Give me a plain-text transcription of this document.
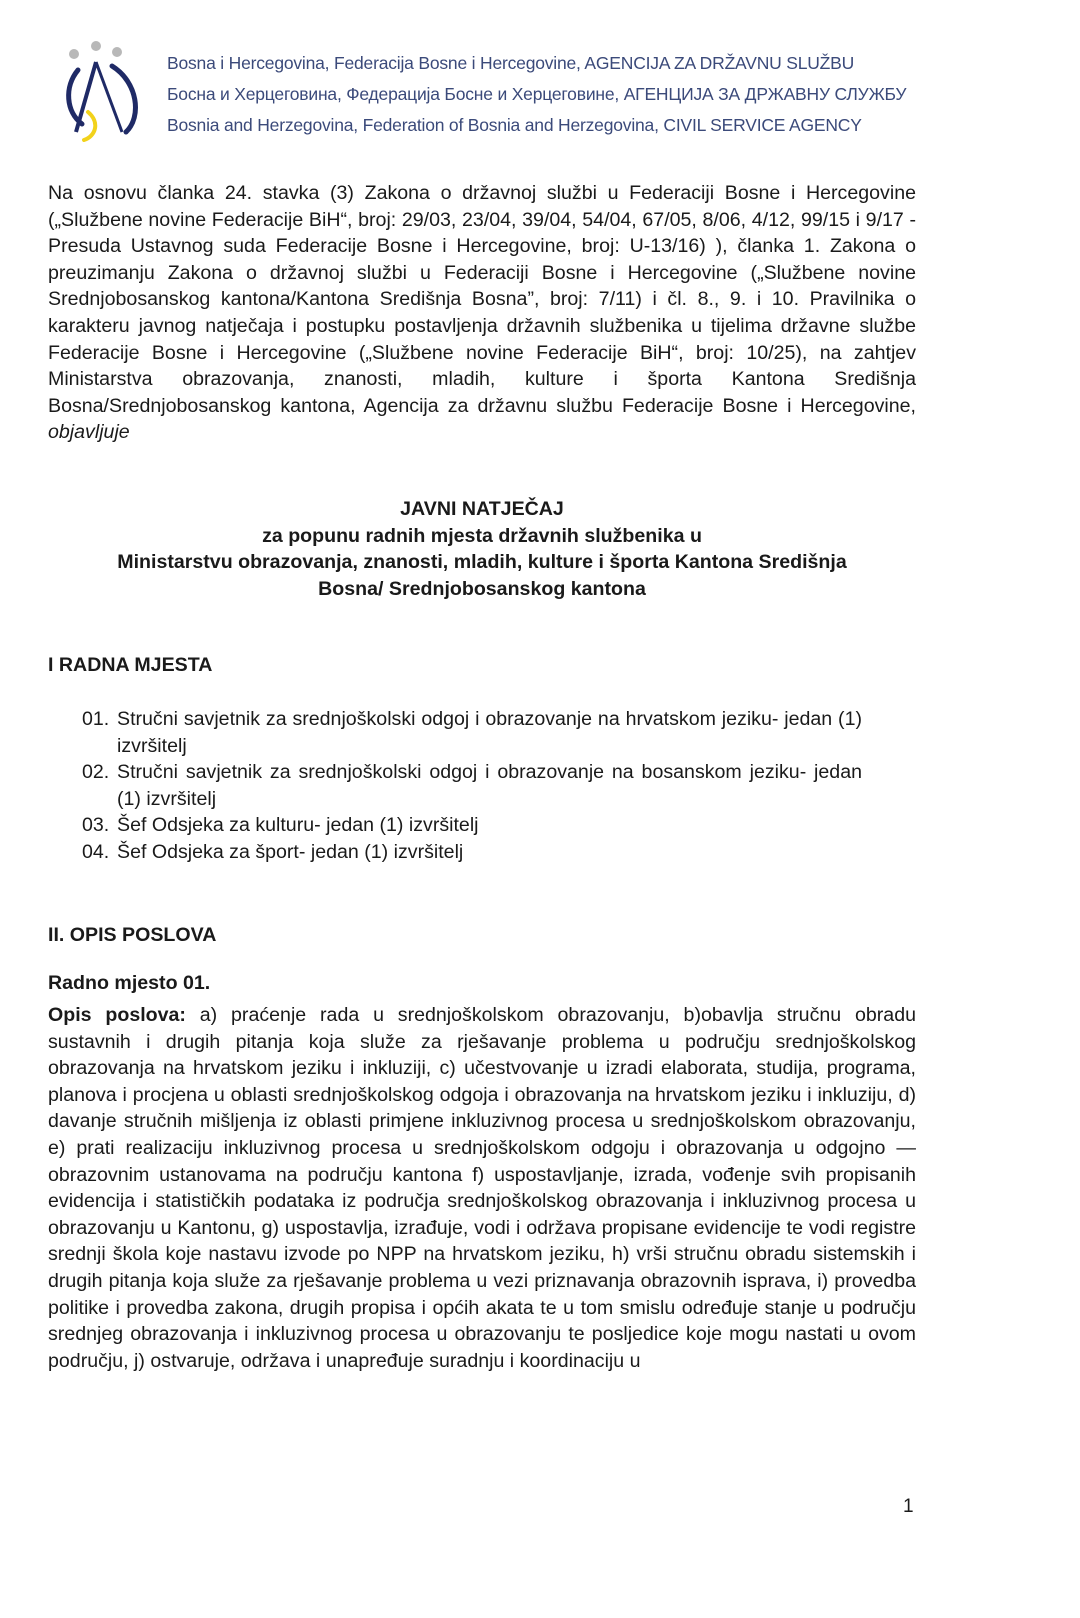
Bosna i Hercegovina, Federacija Bosne i Hercegovine, AGENCIJA ZA DRŽAVNU SLUŽBU
Босна и Херцеговина, Федерација Босне и Херцеговине, АГЕНЦИЈА ЗА ДРЖАВНУ СЛУЖБУ
Bosnia and Herzegovina, Federation of Bosnia and Herzegovina, CIVIL SERVICE AGENCY

Na osnovu članka 24. stavka (3) Zakona o državnoj službi u Federaciji Bosne i Hercegovine („Službene novine Federacije BiH“, broj: 29/03, 23/04, 39/04, 54/04, 67/05, 8/06, 4/12, 99/15 i 9/17 - Presuda Ustavnog suda Federacije Bosne i Hercegovine, broj: U-13/16) ), članka 1. Zakona o preuzimanju Zakona o državnoj službi u Federaciji Bosne i Hercegovine („Službene novine Srednjobosanskog kantona/Kantona Središnja Bosna”, broj: 7/11) i čl. 8., 9. i 10. Pravilnika o karakteru javnog natječaja i postupku postavljenja državnih službenika u tijelima državne službe Federacije Bosne i Hercegovine („Službene novine Federacije BiH“, broj: 10/25), na zahtjev Ministarstva obrazovanja, znanosti, mladih, kulture i športa Kantona Središnja Bosna/Srednjobosanskog kantona, Agencija za državnu službu Federacije Bosne i Hercegovine, objavljuje

JAVNI NATJEČAJ
za popunu radnih mjesta državnih službenika u
Ministarstvu obrazovanja, znanosti, mladih, kulture i športa Kantona Središnja
Bosna/ Srednjobosanskog kantona
I RADNA MJESTA
01. Stručni savjetnik za srednjoškolski odgoj i obrazovanje na hrvatskom jeziku- jedan (1) izvršitelj
02. Stručni savjetnik za srednjoškolski odgoj i obrazovanje na bosanskom jeziku- jedan (1) izvršitelj
03. Šef Odsjeka za kulturu- jedan (1) izvršitelj
04. Šef Odsjeka za šport- jedan (1) izvršitelj
II. OPIS POSLOVA
Radno mjesto 01.
Opis poslova: a) praćenje rada u srednjoškolskom obrazovanju, b)obavlja stručnu obradu sustavnih i drugih pitanja koja služe za rješavanje problema u području srednjoškolskog obrazovanja na hrvatskom jeziku i inkluziji, c) učestvovanje u izradi elaborata, studija, programa, planova i procjena u oblasti srednjoškolskog odgoja i obrazovanja na hrvatskom jeziku i inkluziju, d) davanje stručnih mišljenja iz oblasti primjene inkluzivnog procesa u srednjoškolskom obrazovanju, e) prati realizaciju inkluzivnog procesa u srednjoškolskom odgoju i obrazovanja u odgojno — obrazovnim ustanovama na području kantona f) uspostavljanje, izrada, vođenje svih propisanih evidencija i statističkih podataka iz područja srednjoškolskog obrazovanja i inkluzivnog procesa u obrazovanju u Kantonu, g) uspostavlja, izrađuje, vodi i održava propisane evidencije te vodi registre srednji škola koje nastavu izvode po NPP na hrvatskom jeziku, h) vrši stručnu obradu sistemskih i drugih pitanja koja služe za rješavanje problema u vezi priznavanja obrazovnih isprava, i) provedba politike i provedba zakona, drugih propisa i općih akata te u tom smislu određuje stanje u području srednjeg obrazovanja i inkluzivnog procesa u obrazovanju te posljedice koje mogu nastati u ovom području, j) ostvaruje, održava i unapređuje suradnju i koordinaciju u
1
